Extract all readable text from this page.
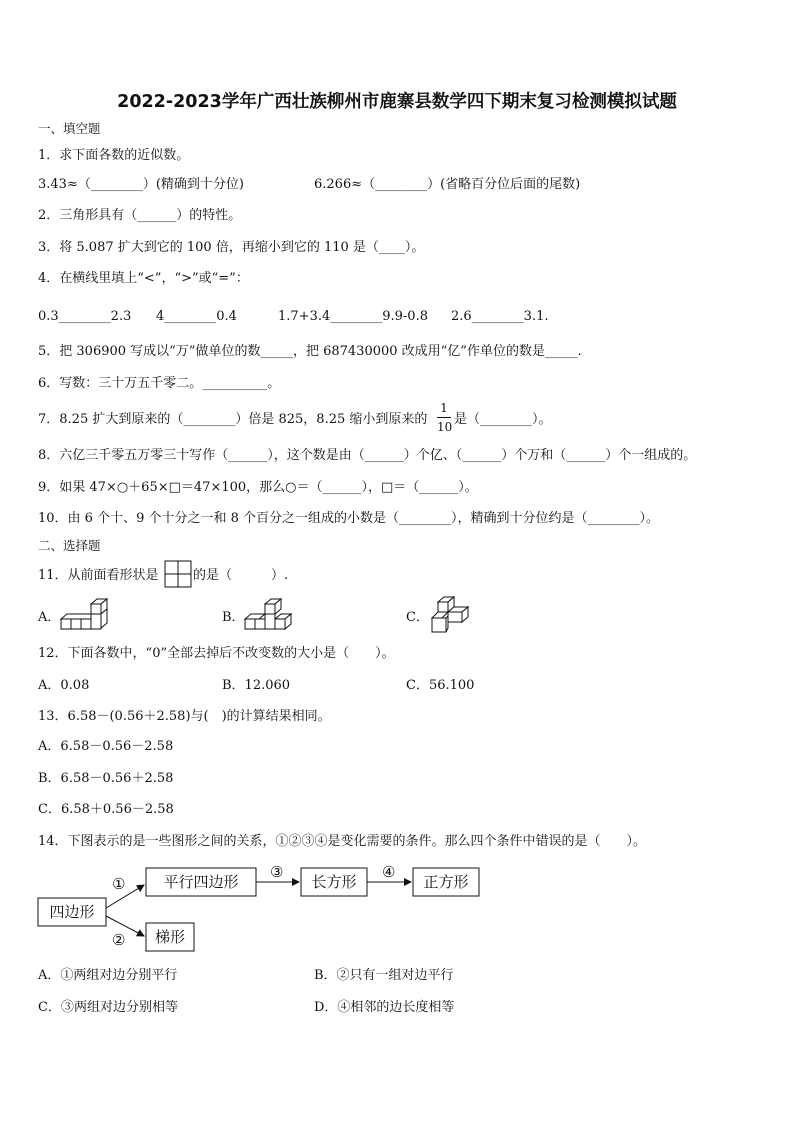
2022-2023学年广西壮族柳州市鹿寨县数学四下期末复习检测模拟试题
一、填空题
1．求下面各数的近似数。
3.43≈（________）(精确到十分位)	6.266≈（________）(省略百分位后面的尾数)
2．三角形具有（______）的特性。
3．将 5.087 扩大到它的 100 倍，再缩小到它的 110 是（____）。
4．在横线里填上“<”，“>”或“=”：
0.3________2.3 4________0.4	1.7+3.4________9.9-0.8 2.6________3.1.
5．把 306900 写成以“万”做单位的数_____，把 687430000 改成用“亿”作单位的数是_____.
6．写数：三十万五千零二。__________。
7．8.25 扩大到原来的（________）倍是 825，8.25 缩小到原来的
1
10 是（________）。
8．六亿三千零五万零三十写作（______），这个数是由（______）个亿、（______）个万和（______）个一组成的。
9．如果 47×○＋65×□＝47×100，那么○＝（______），□＝（______）。
10．由 6 个十、9 个十分之一和 8 个百分之一组成的小数是（________），精确到十分位约是（________）。
二、选择题
11．从前面看形状是	的是（　　　）.
A．	B．	C．
12．下面各数中，“0”全部去掉后不改变数的大小是（　　）。
A．0.08	B．12.060	C．56.100
13．6.58－(0.56＋2.58)与(　)的计算结果相同。
A．6.58－0.56－2.58
B．6.58－0.56＋2.58
C．6.58＋0.56－2.58
14．下图表示的是一些图形之间的关系，①②③④是变化需要的条件。那么四个条件中错误的是（　　）。
四边形
平行四边形	长方形	正方形
梯形
①
②
③	④
A．①两组对边分别平行	B．②只有一组对边平行
C．③两组对边分别相等	D．④相邻的边长度相等
